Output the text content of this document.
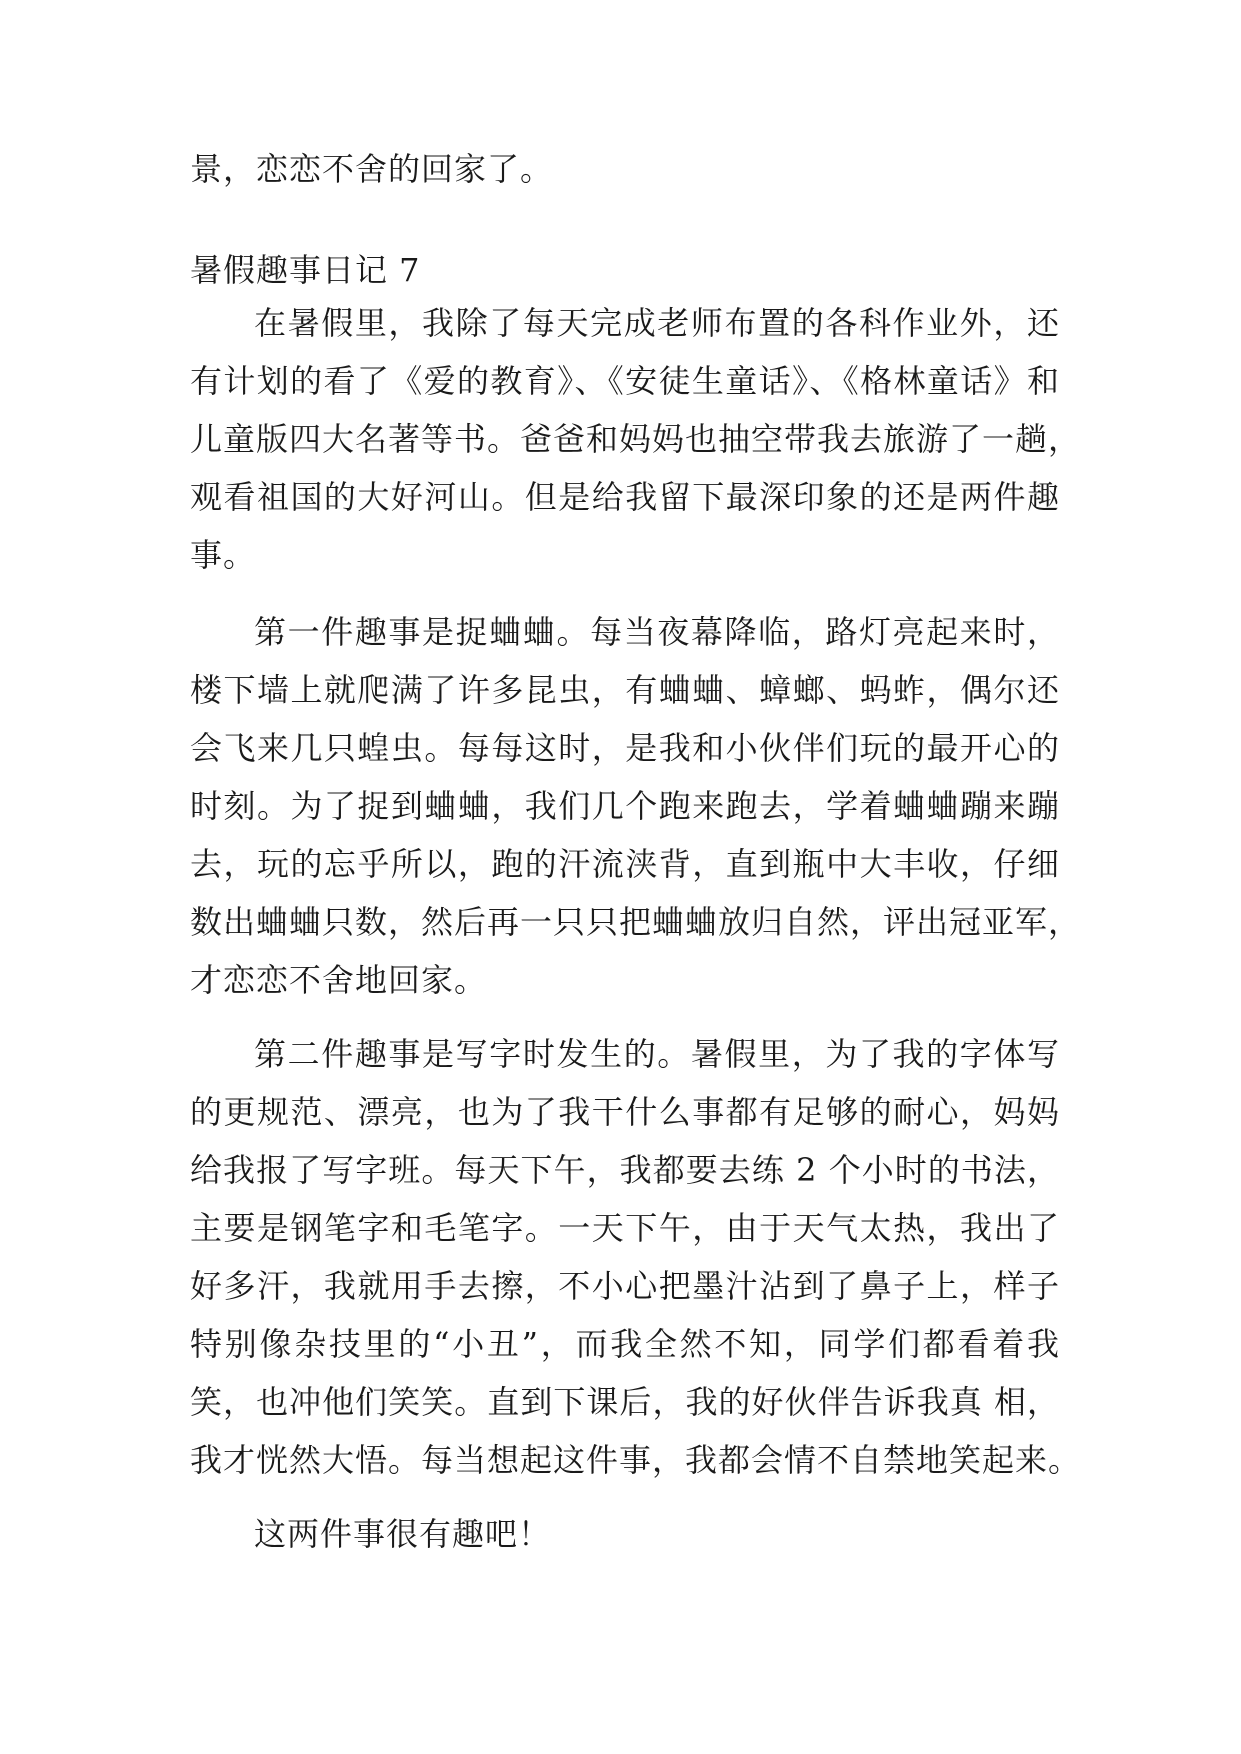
景，恋恋不舍的回家了。
暑假趣事日记 7
在暑假里，我除了每天完成老师布置的各科作业外，还
有计划的看了《爱的教育》、《安徒生童话》、《格林童话》和
儿童版四大名著等书。爸爸和妈妈也抽空带我去旅游了一趟，
观看祖国的大好河山。但是给我留下最深印象的还是两件趣
事。
第一件趣事是捉蛐蛐。每当夜幕降临，路灯亮起来时，
楼下墙上就爬满了许多昆虫，有蛐蛐、蟑螂、蚂蚱，偶尔还
会飞来几只蝗虫。每每这时，是我和小伙伴们玩的最开心的
时刻。为了捉到蛐蛐，我们几个跑来跑去，学着蛐蛐蹦来蹦
去，玩的忘乎所以，跑的汗流浃背，直到瓶中大丰收，仔细
数出蛐蛐只数，然后再一只只把蛐蛐放归自然，评出冠亚军，
才恋恋不舍地回家。
第二件趣事是写字时发生的。暑假里，为了我的字体写
的更规范、漂亮，也为了我干什么事都有足够的耐心，妈妈
给我报了写字班。每天下午，我都要去练 2 个小时的书法，
主要是钢笔字和毛笔字。一天下午，由于天气太热，我出了
好多汗，我就用手去擦，不小心把墨汁沾到了鼻子上，样子
特别像杂技里的“小丑”，而我全然不知，同学们都看着我
笑，也冲他们笑笑。直到下课后，我的好伙伴告诉我真 相，
我才恍然大悟。每当想起这件事，我都会情不自禁地笑起来。
这两件事很有趣吧！
